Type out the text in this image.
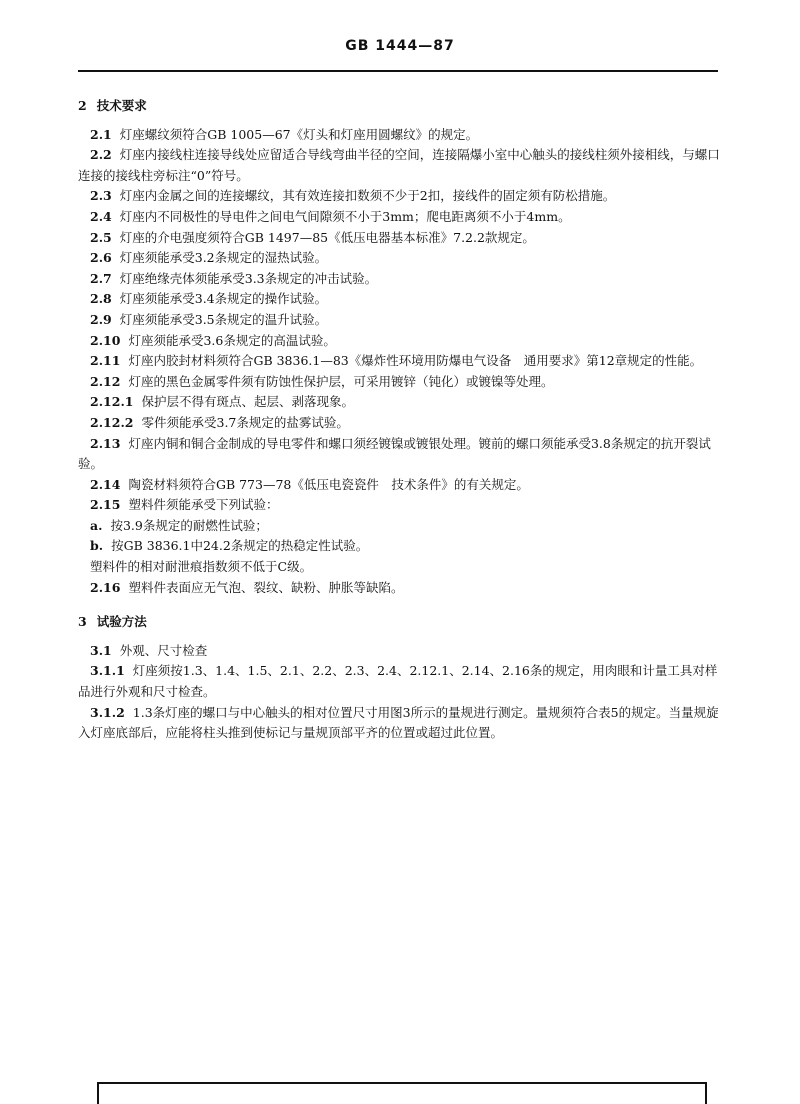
GB 1444—87
2 技术要求
2.1 灯座螺纹须符合GB 1005—67《灯头和灯座用圆螺纹》的规定。
2.2 灯座内接线柱连接导线处应留适合导线弯曲半径的空间，连接隔爆小室中心触头的接线柱须外接相线，与螺口连接的接线柱旁标注“0”符号。
2.3 灯座内金属之间的连接螺纹，其有效连接扣数须不少于2扣，接线件的固定须有防松措施。
2.4 灯座内不同极性的导电件之间电气间隙须不小于3mm；爬电距离须不小于4mm。
2.5 灯座的介电强度须符合GB 1497—85《低压电器基本标准》7.2.2款规定。
2.6 灯座须能承受3.2条规定的湿热试验。
2.7 灯座绝缘壳体须能承受3.3条规定的冲击试验。
2.8 灯座须能承受3.4条规定的操作试验。
2.9 灯座须能承受3.5条规定的温升试验。
2.10 灯座须能承受3.6条规定的高温试验。
2.11 灯座内胶封材料须符合GB 3836.1—83《爆炸性环境用防爆电气设备　通用要求》第12章规定的性能。
2.12 灯座的黑色金属零件须有防蚀性保护层，可采用镀锌（钝化）或镀镍等处理。
2.12.1 保护层不得有斑点、起层、剥落现象。
2.12.2 零件须能承受3.7条规定的盐雾试验。
2.13 灯座内铜和铜合金制成的导电零件和螺口须经镀镍或镀银处理。镀前的螺口须能承受3.8条规定的抗开裂试验。
2.14 陶瓷材料须符合GB 773—78《低压电瓷瓷件　技术条件》的有关规定。
2.15 塑料件须能承受下列试验：
a. 按3.9条规定的耐燃性试验；
b. 按GB 3836.1中24.2条规定的热稳定性试验。
塑料件的相对耐泄痕指数须不低于C级。
2.16 塑料件表面应无气泡、裂纹、缺粉、肿胀等缺陷。
3 试验方法
3.1 外观、尺寸检查
3.1.1 灯座须按1.3、1.4、1.5、2.1、2.2、2.3、2.4、2.12.1、2.14、2.16条的规定，用肉眼和计量工具对样品进行外观和尺寸检查。
3.1.2 1.3条灯座的螺口与中心触头的相对位置尺寸用图3所示的量规进行测定。量规须符合表5的规定。当量规旋入灯座底部后，应能将柱头推到使标记与量规顶部平齐的位置或超过此位置。
